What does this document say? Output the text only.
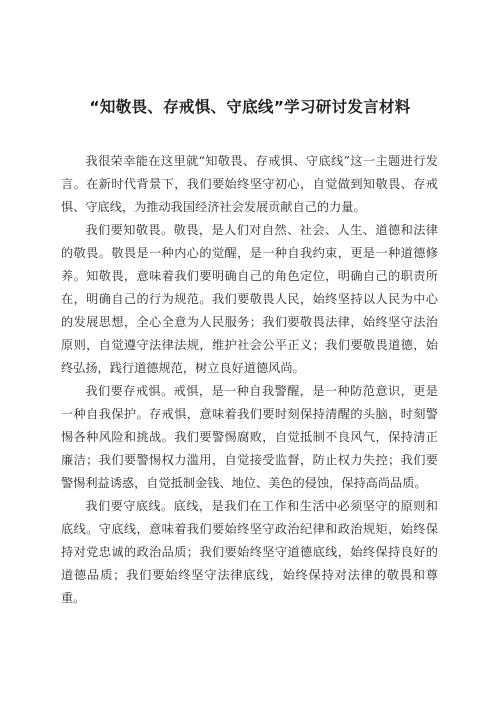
“知敬畏、存戒惧、守底线”学习研讨发言材料

我很荣幸能在这里就“知敬畏、存戒惧、守底线”这一主题进行发言。在新时代背景下，我们要始终坚守初心，自觉做到知敬畏、存戒惧、守底线，为推动我国经济社会发展贡献自己的力量。

我们要知敬畏。敬畏，是人们对自然、社会、人生、道德和法律的敬畏。敬畏是一种内心的觉醒，是一种自我约束，更是一种道德修养。知敬畏，意味着我们要明确自己的角色定位，明确自己的职责所在，明确自己的行为规范。我们要敬畏人民，始终坚持以人民为中心的发展思想，全心全意为人民服务；我们要敬畏法律，始终坚守法治原则，自觉遵守法律法规，维护社会公平正义；我们要敬畏道德，始终弘扬，践行道德规范，树立良好道德风尚。

我们要存戒惧。戒惧，是一种自我警醒，是一种防范意识，更是一种自我保护。存戒惧，意味着我们要时刻保持清醒的头脑，时刻警惕各种风险和挑战。我们要警惕腐败，自觉抵制不良风气，保持清正廉洁；我们要警惕权力滥用，自觉接受监督，防止权力失控；我们要警惕利益诱惑，自觉抵制金钱、地位、美色的侵蚀，保持高尚品质。

我们要守底线。底线，是我们在工作和生活中必须坚守的原则和底线。守底线，意味着我们要始终坚守政治纪律和政治规矩，始终保持对党忠诚的政治品质；我们要始终坚守道德底线，始终保持良好的道德品质；我们要始终坚守法律底线，始终保持对法律的敬畏和尊重。
